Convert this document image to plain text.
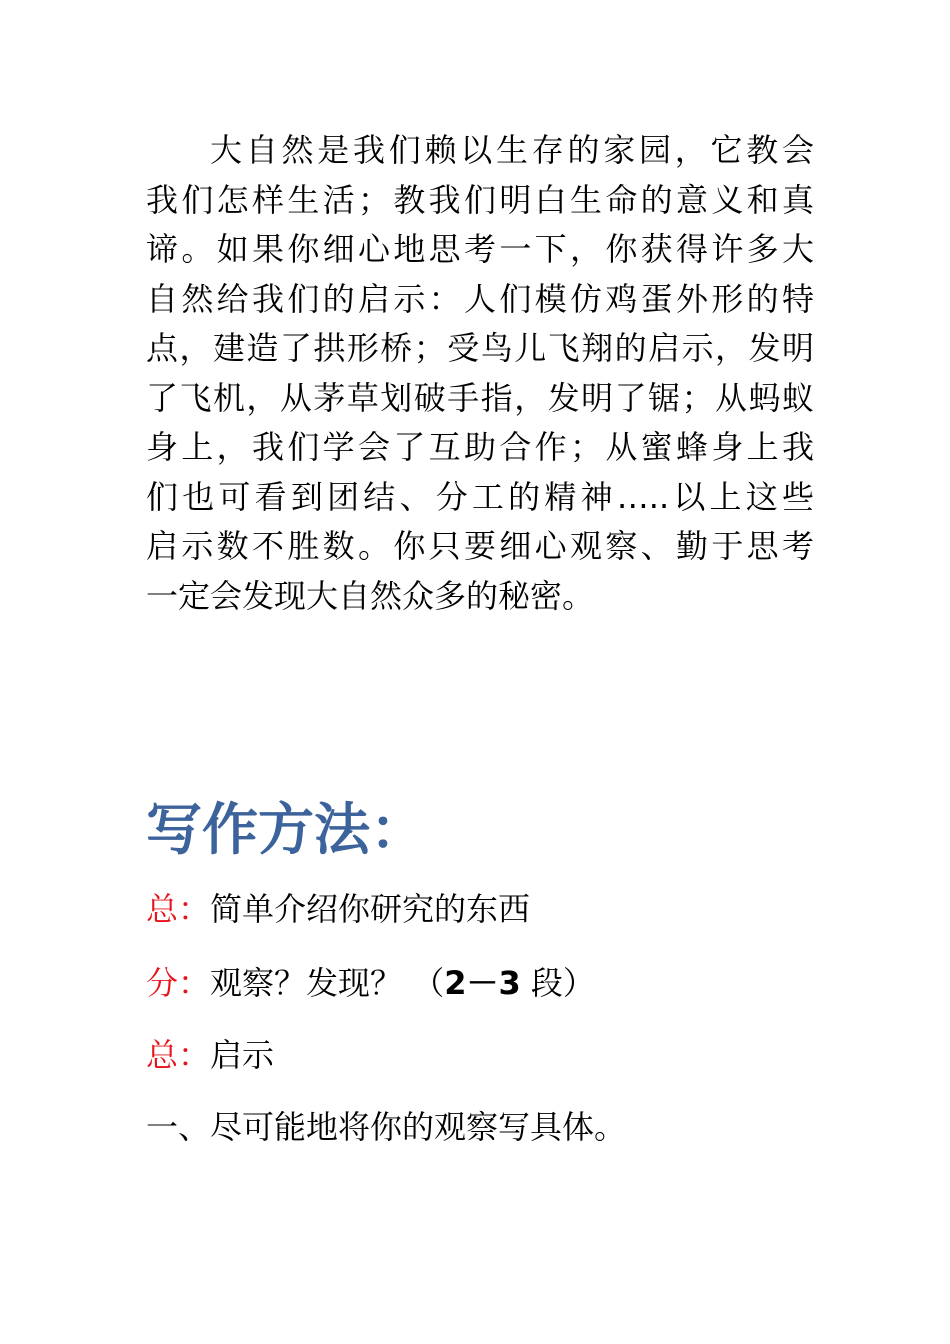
大自然是我们赖以生存的家园，它教会
我们怎样生活；教我们明白生命的意义和真
谛。如果你细心地思考一下，你获得许多大
自然给我们的启示：人们模仿鸡蛋外形的特
点，建造了拱形桥；受鸟儿飞翔的启示，发明
了飞机，从茅草划破手指，发明了锯；从蚂蚁
身上，我们学会了互助合作；从蜜蜂身上我
们也可看到团结、分工的精神…..以上这些
启示数不胜数。你只要细心观察、勤于思考
一定会发现大自然众多的秘密。

写作方法：
总：简单介绍你研究的东西
分：观察？发现？ （2－3 段）
总：启示
一、尽可能地将你的观察写具体。
